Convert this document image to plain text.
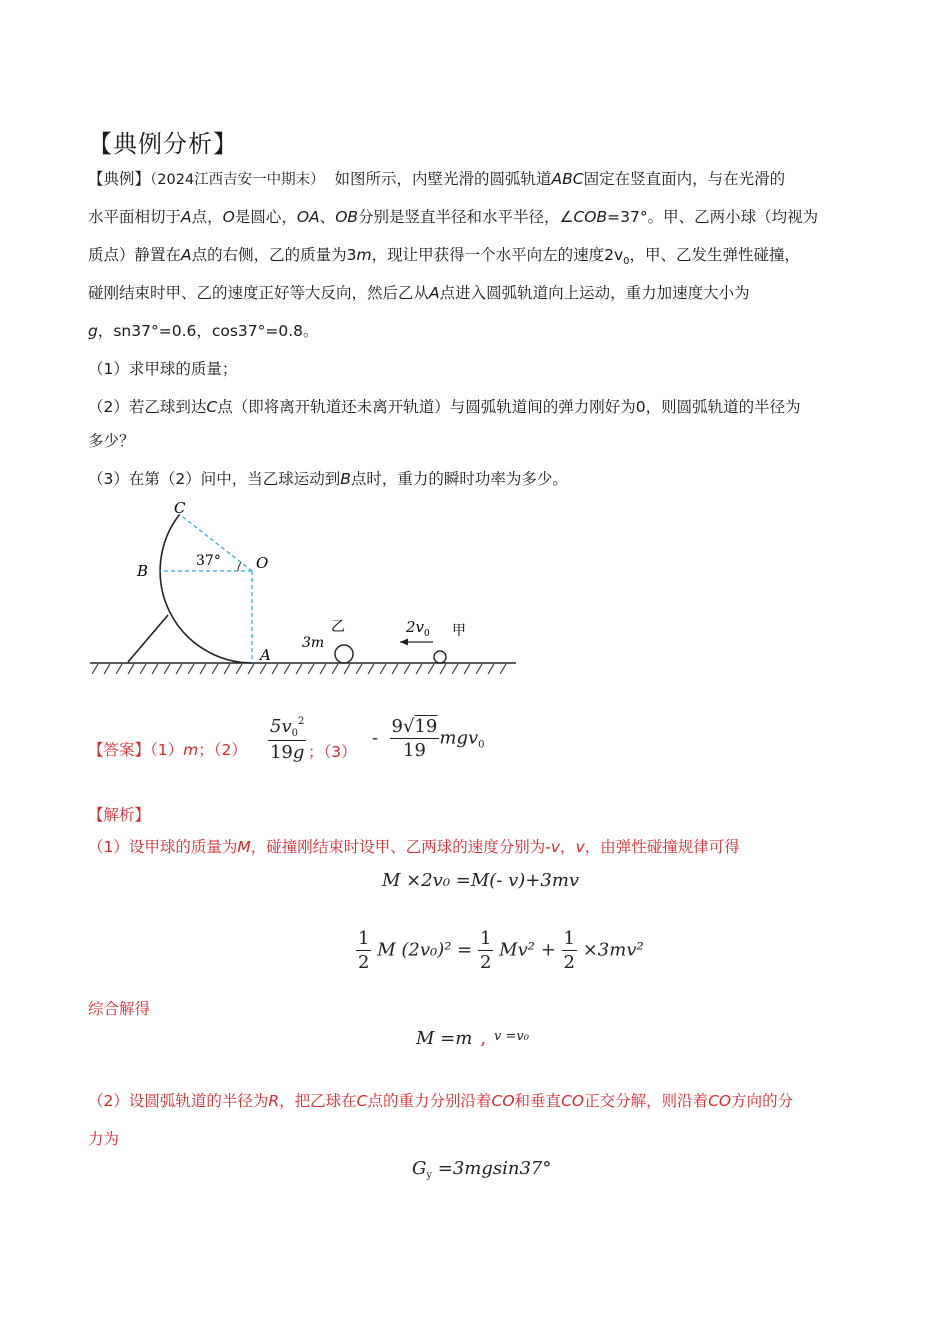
【典例分析】
【典例】（2024江西吉安一中期末） 如图所示，内壁光滑的圆弧轨道ABC固定在竖直面内，与在光滑的
水平面相切于A点，O是圆心，OA、OB分别是竖直半径和水平半径，∠COB=37°。甲、乙两小球（均视为
质点）静置在A点的右侧，乙的质量为3m，现让甲获得一个水平向左的速度$2v_0$，甲、乙发生弹性碰撞，
碰刚结束时甲、乙的速度正好等大反向，然后乙从A点进入圆弧轨道向上运动，重力加速度大小为
g，sn37°=0.6，cos37°=0.8。
（1）求甲球的质量；
（2）若乙球到达C点（即将离开轨道还未离开轨道）与圆弧轨道间的弹力刚好为0，则圆弧轨道的半径为
多少？
（3）在第（2）问中，当乙球运动到B点时，重力的瞬时功率为多少。
C
B	O
A
37°
3m
乙	2v 0 甲
【答案】（1）m；$(2) \frac{5v_0^2}{19g}$ ；（3）
- $\frac{9√19}{19} mgv_0$
【解析】
（1）设甲球的质量为M，碰撞刚结束时设甲、乙两球的速度分别为-v，v，由弹性碰撞规律可得
M ×2v₀ =M(‑ v)+3mv
$\frac{1}{2}$ M $(2v_0)^2 = \frac{1}{2} Mv^2 + \frac{1}{2} \times 3mv^2$
综合解得
M =m , $^{v =v_0}$
（2）设圆弧轨道的半径为R，把乙球在C点的重力分别沿着CO和垂直CO正交分解，则沿着CO方向的分
力为
$G_y =3mgsin37^\circ$
